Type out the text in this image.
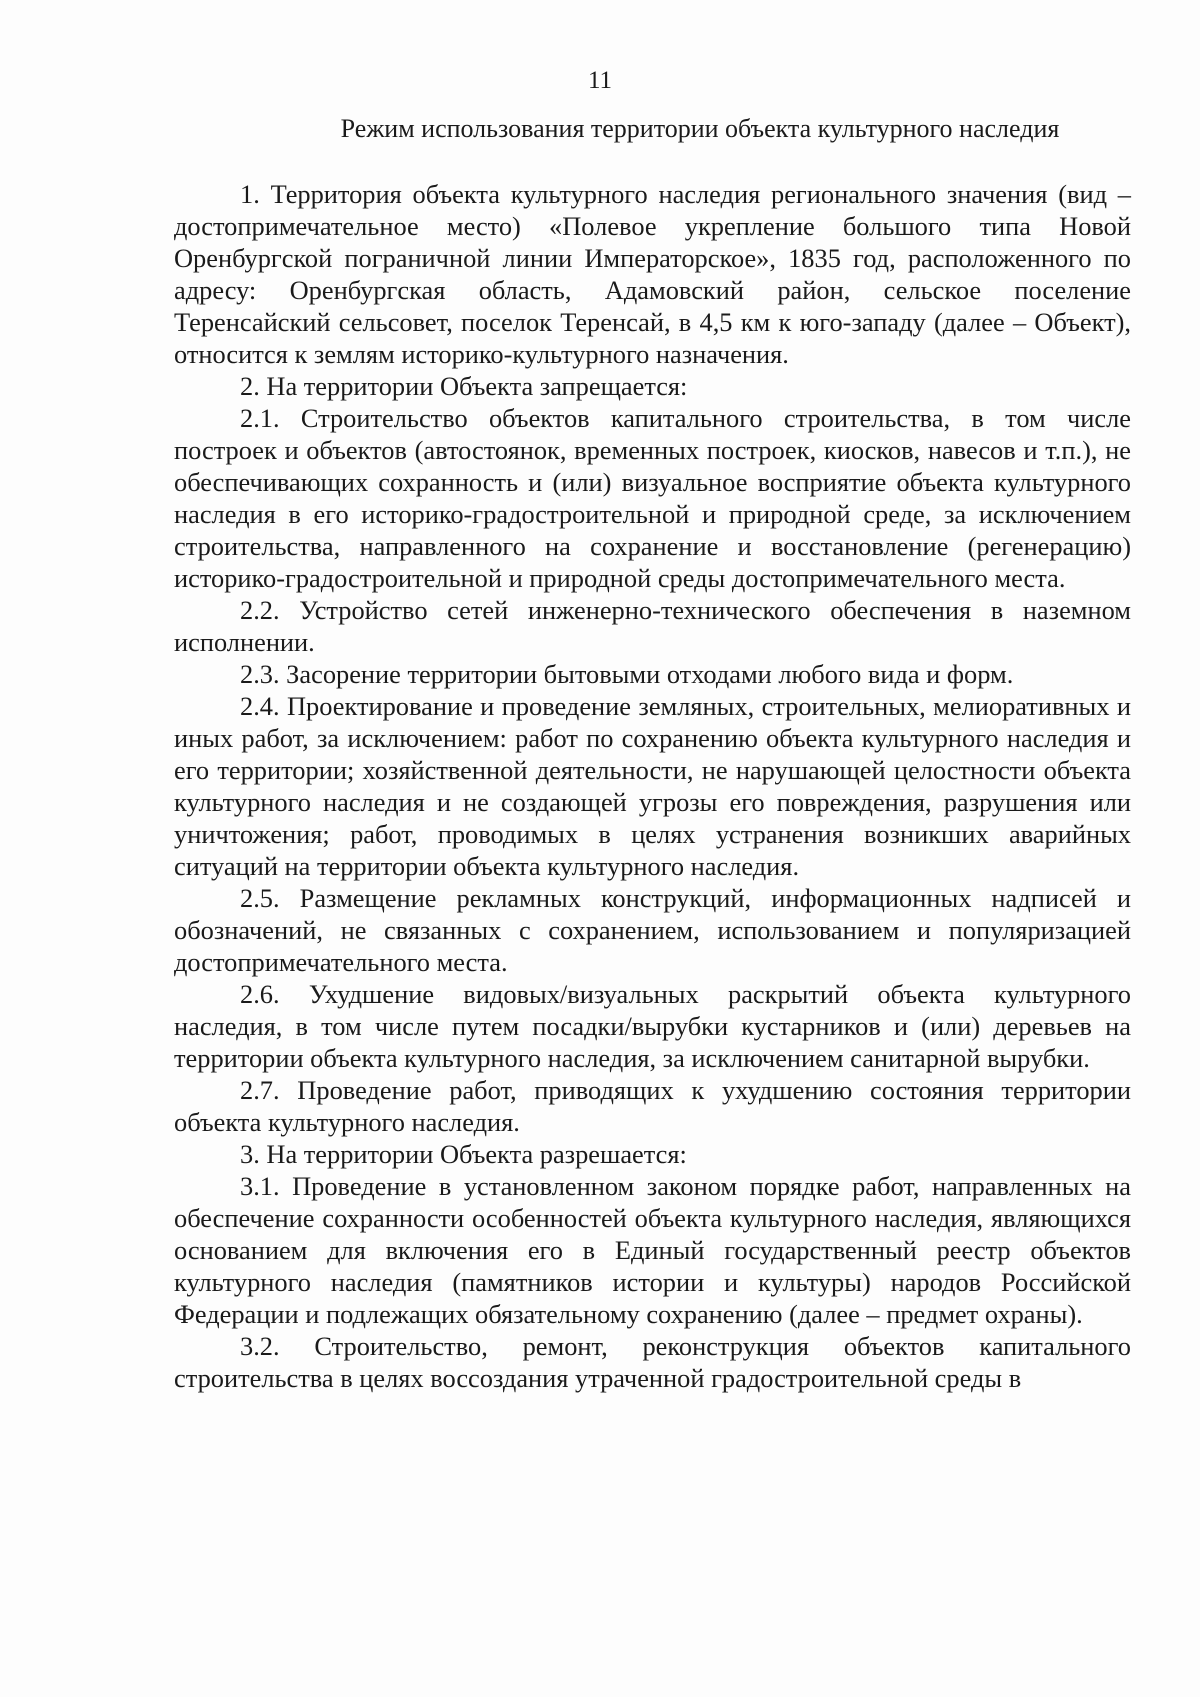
11
Режим использования территории объекта культурного наследия

1. Территория объекта культурного наследия регионального значения (вид – достопримечательное место) «Полевое укрепление большого типа Новой Оренбургской пограничной линии Императорское», 1835 год, расположенного по адресу: Оренбургская область, Адамовский район, сельское поселение Теренсайский сельсовет, поселок Теренсай, в 4,5 км к юго-западу (далее – Объект), относится к землям историко-культурного назначения.

2. На территории Объекта запрещается:

2.1. Строительство объектов капитального строительства, в том числе построек и объектов (автостоянок, временных построек, киосков, навесов и т.п.), не обеспечивающих сохранность и (или) визуальное восприятие объекта культурного наследия в его историко-градостроительной и природной среде, за исключением строительства, направленного на сохранение и восстановление (регенерацию) историко-градостроительной и природной среды достопримечательного места.

2.2. Устройство сетей инженерно-технического обеспечения в наземном исполнении.

2.3. Засорение территории бытовыми отходами любого вида и форм.

2.4. Проектирование и проведение земляных, строительных, мелиоративных и иных работ, за исключением: работ по сохранению объекта культурного наследия и его территории; хозяйственной деятельности, не нарушающей целостности объекта культурного наследия и не создающей угрозы его повреждения, разрушения или уничтожения; работ, проводимых в целях устранения возникших аварийных ситуаций на территории объекта культурного наследия.

2.5. Размещение рекламных конструкций, информационных надписей и обозначений, не связанных с сохранением, использованием и популяризацией достопримечательного места.

2.6. Ухудшение видовых/визуальных раскрытий объекта культурного наследия, в том числе путем посадки/вырубки кустарников и (или) деревьев на территории объекта культурного наследия, за исключением санитарной вырубки.

2.7. Проведение работ, приводящих к ухудшению состояния территории объекта культурного наследия.

3. На территории Объекта разрешается:

3.1. Проведение в установленном законом порядке работ, направленных на обеспечение сохранности особенностей объекта культурного наследия, являющихся основанием для включения его в Единый государственный реестр объектов культурного наследия (памятников истории и культуры) народов Российской Федерации и подлежащих обязательному сохранению (далее – предмет охраны).

3.2. Строительство, ремонт, реконструкция объектов капитального строительства в целях воссоздания утраченной градостроительной среды в
